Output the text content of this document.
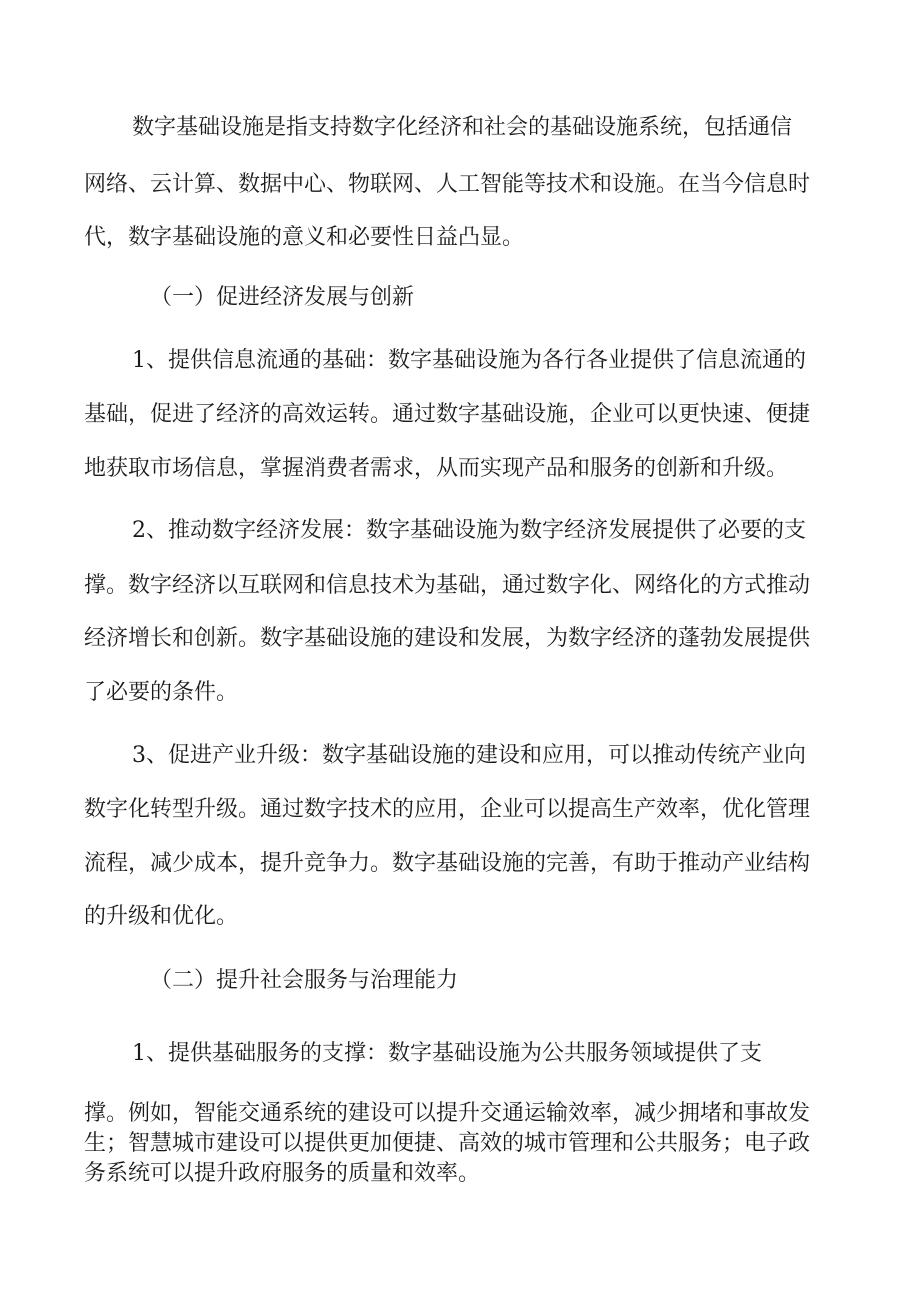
数字基础设施是指支持数字化经济和社会的基础设施系统，包括通信
网络、云计算、数据中心、物联网、人工智能等技术和设施。在当今信息时
代，数字基础设施的意义和必要性日益凸显。
（一）促进经济发展与创新
1、提供信息流通的基础：数字基础设施为各行各业提供了信息流通的
基础，促进了经济的高效运转。通过数字基础设施，企业可以更快速、便捷
地获取市场信息，掌握消费者需求，从而实现产品和服务的创新和升级。
2、推动数字经济发展：数字基础设施为数字经济发展提供了必要的支
撑。数字经济以互联网和信息技术为基础，通过数字化、网络化的方式推动
经济增长和创新。数字基础设施的建设和发展，为数字经济的蓬勃发展提供
了必要的条件。
3、促进产业升级：数字基础设施的建设和应用，可以推动传统产业向
数字化转型升级。通过数字技术的应用，企业可以提高生产效率，优化管理
流程，减少成本，提升竞争力。数字基础设施的完善，有助于推动产业结构
的升级和优化。
（二）提升社会服务与治理能力
1、提供基础服务的支撑：数字基础设施为公共服务领域提供了支
撑。例如，智能交通系统的建设可以提升交通运输效率，减少拥堵和事故发
生；智慧城市建设可以提供更加便捷、高效的城市管理和公共服务；电子政
务系统可以提升政府服务的质量和效率。
